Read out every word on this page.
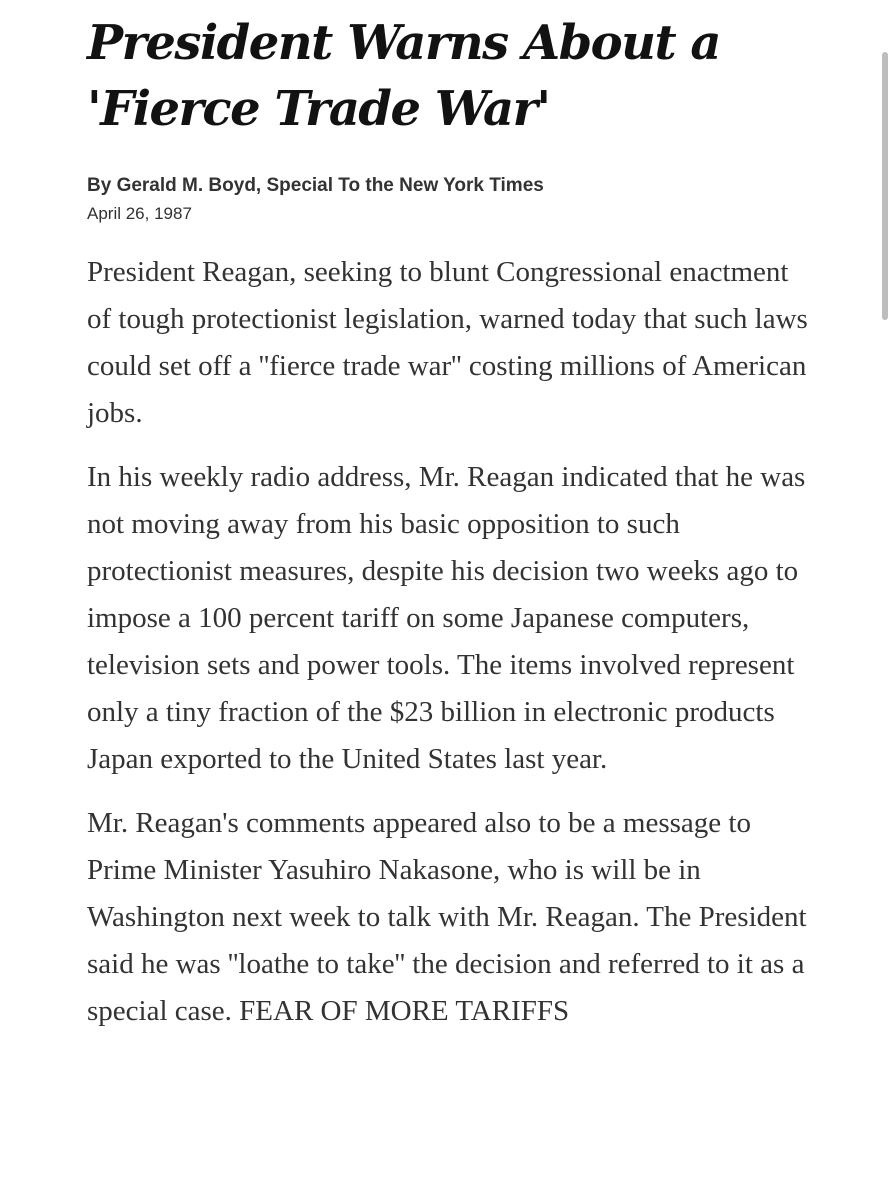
President Warns About a 'Fierce Trade War'
By Gerald M. Boyd, Special To the New York Times
April 26, 1987

President Reagan, seeking to blunt Congressional enactment of tough protectionist legislation, warned today that such laws could set off a ''fierce trade war'' costing millions of American jobs.

In his weekly radio address, Mr. Reagan indicated that he was not moving away from his basic opposition to such protectionist measures, despite his decision two weeks ago to impose a 100 percent tariff on some Japanese computers, television sets and power tools. The items involved represent only a tiny fraction of the $23 billion in electronic products Japan exported to the United States last year.

Mr. Reagan's comments appeared also to be a message to Prime Minister Yasuhiro Nakasone, who is will be in Washington next week to talk with Mr. Reagan. The President said he was ''loathe to take'' the decision and referred to it as a special case. FEAR OF MORE TARIFFS
